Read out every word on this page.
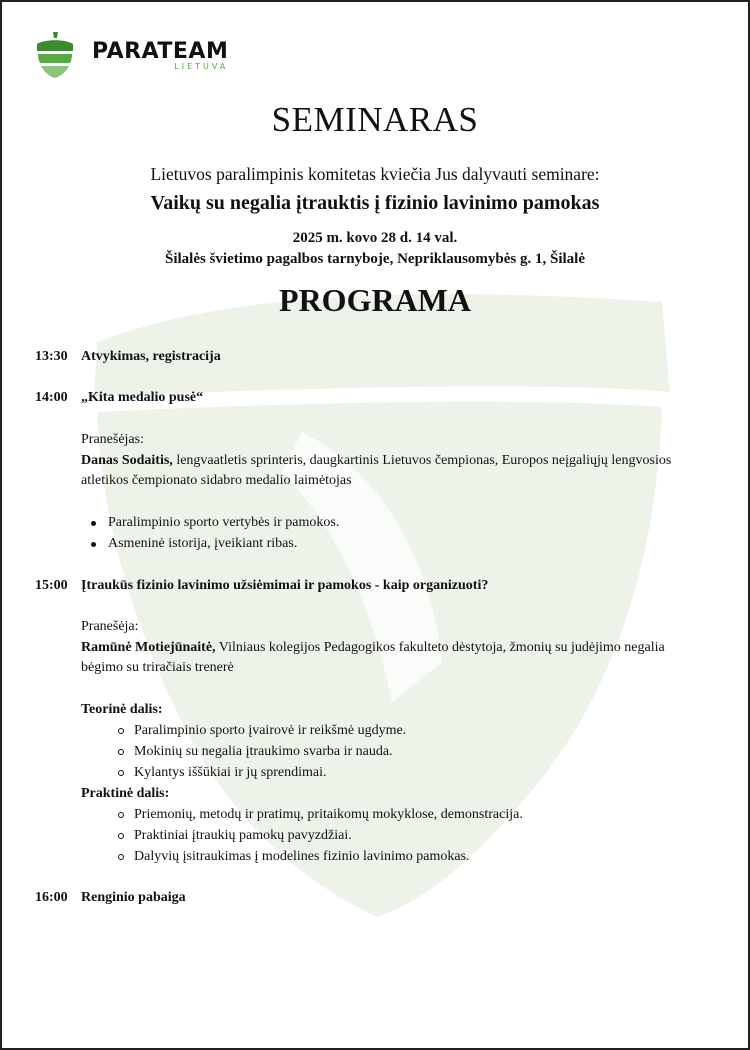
PARATEAM
LIETUVA
SEMINARAS
Lietuvos paralimpinis komitetas kviečia Jus dalyvauti seminare:
Vaikų su negalia įtrauktis į fizinio lavinimo pamokas
2025 m. kovo 28 d. 14 val.
Šilalės švietimo pagalbos tarnyboje, Nepriklausomybės g. 1, Šilalė
PROGRAMA
13:30 Atvykimas, registracija
14:00 „Kita medalio pusė“
Pranešėjas:
Danas Sodaitis, lengvaatletis sprinteris, daugkartinis Lietuvos čempionas, Europos neįgaliųjų lengvosios
atletikos čempionato sidabro medalio laimėtojas
Paralimpinio sporto vertybės ir pamokos.
Asmeninė istorija, įveikiant ribas.
15:00 Įtraukūs fizinio lavinimo užsiėmimai ir pamokos - kaip organizuoti?
Pranešėja:
Ramūnė Motiejūnaitė, Vilniaus kolegijos Pedagogikos fakulteto dėstytoja, žmonių su judėjimo negalia
bėgimo su triračiais trenerė
Teorinė dalis:
Paralimpinio sporto įvairovė ir reikšmė ugdyme.
Mokinių su negalia įtraukimo svarba ir nauda.
Kylantys iššūkiai ir jų sprendimai.
Praktinė dalis:
Priemonių, metodų ir pratimų, pritaikomų mokyklose, demonstracija.
Praktiniai įtraukių pamokų pavyzdžiai.
Dalyvių įsitraukimas į modelines fizinio lavinimo pamokas.
16:00 Renginio pabaiga
